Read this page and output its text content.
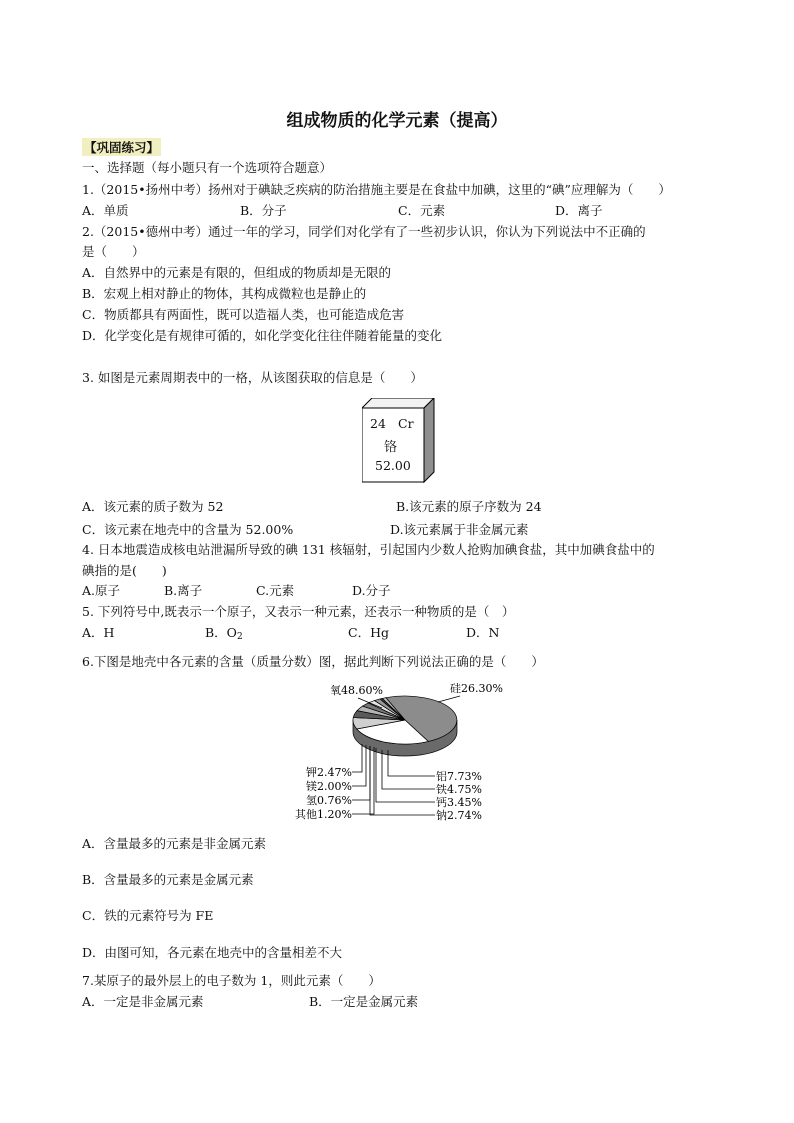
组成物质的化学元素（提高）
【巩固练习】
一、选择题（每小题只有一个选项符合题意）
1.（2015•扬州中考）扬州对于碘缺乏疾病的防治措施主要是在食盐中加碘，这里的“碘”应理解为（　　）
A．单质	B．分子	C．元素	D．离子
2.（2015•德州中考）通过一年的学习，同学们对化学有了一些初步认识，你认为下列说法中不正确的
是（　　）
A．自然界中的元素是有限的，但组成的物质却是无限的
B．宏观上相对静止的物体，其构成微粒也是静止的
C．物质都具有两面性，既可以造福人类，也可能造成危害
D．化学变化是有规律可循的，如化学变化往往伴随着能量的变化
3. 如图是元素周期表中的一格，从该图获取的信息是（　　）
24 Cr
铬
52.00
A．该元素的质子数为 52	B.该元素的原子序数为 24
C．该元素在地壳中的含量为 52.00%	D.该元素属于非金属元素
4. 日本地震造成核电站泄漏所导致的碘 131 核辐射，引起国内少数人抢购加碘食盐，其中加碘食盐中的
碘指的是(　　)
A.原子	B.离子	C.元素	D.分子
5. 下列符号中,既表示一个原子，又表示一种元素，还表示一种物质的是（　）
A．H	B．$O_2$	C．Hg	D．N
6.下图是地壳中各元素的含量（质量分数）图，据此判断下列说法正确的是（　　）
氧48.60%	硅26.30%
铝7.73%
铁4.75%
钙3.45%
钠2.74%
钾2.47%
镁2.00%
氢0.76%
其他1.20%
A．含量最多的元素是非金属元素
B．含量最多的元素是金属元素
C．铁的元素符号为 FE
D．由图可知，各元素在地壳中的含量相差不大
7.某原子的最外层上的电子数为 1，则此元素（　　）
A．一定是非金属元素	B．一定是金属元素
